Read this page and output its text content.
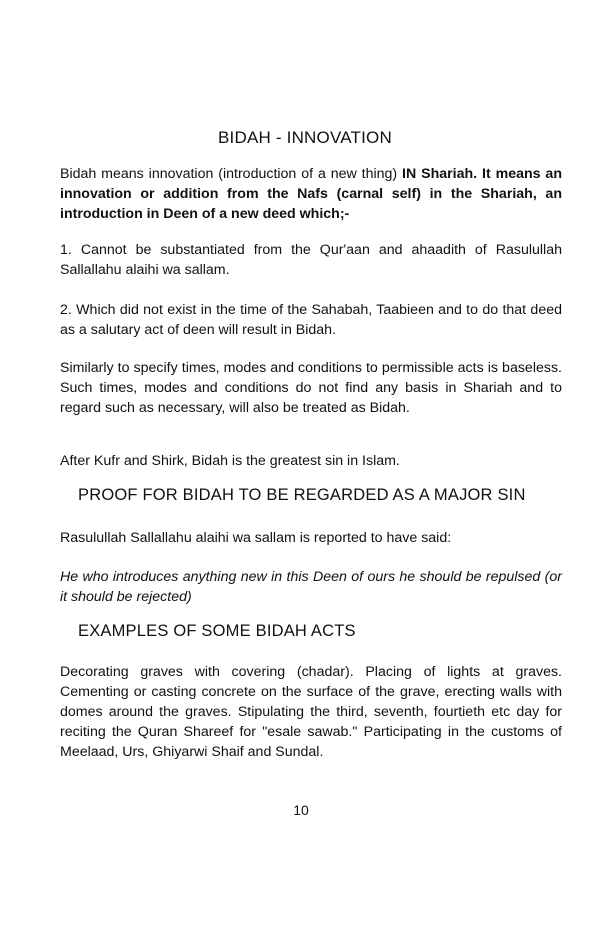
BIDAH - INNOVATION

Bidah means innovation (introduction of a new thing) IN Shariah. It means an innovation or addition from the Nafs (carnal self) in the Shariah, an introduction in Deen of a new deed which;-

1. Cannot be substantiated from the Qur'aan and ahaadith of Rasulullah Sallallahu alaihi wa sallam.

2. Which did not exist in the time of the Sahabah, Taabieen and to do that deed as a salutary act of deen will result in Bidah.

Similarly to specify times, modes and conditions to permissible acts is baseless. Such times, modes and conditions do not find any basis in Shariah and to regard such as necessary, will also be treated as Bidah.

After Kufr and Shirk, Bidah is the greatest sin in Islam.

PROOF FOR BIDAH TO BE REGARDED AS A MAJOR SIN

Rasulullah Sallallahu alaihi wa sallam is reported to have said:

He who introduces anything new in this Deen of ours he should be repulsed (or it should be rejected)

EXAMPLES OF SOME BIDAH ACTS

Decorating graves with covering (chadar). Placing of lights at graves. Cementing or casting concrete on the surface of the grave, erecting walls with domes around the graves. Stipulating the third, seventh, fourtieth etc day for reciting the Quran Shareef for "esale sawab." Participating in the customs of Meelaad, Urs, Ghiyarwi Shaif and Sundal.

10
